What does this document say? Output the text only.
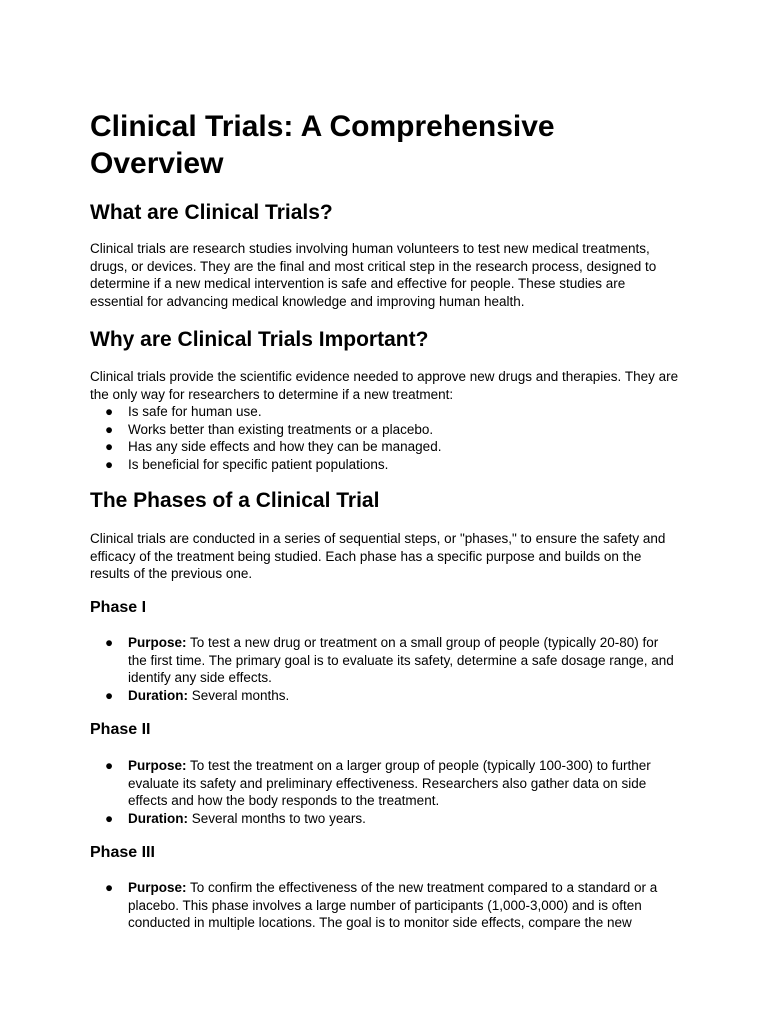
Clinical Trials: A Comprehensive Overview
What are Clinical Trials?

Clinical trials are research studies involving human volunteers to test new medical treatments, drugs, or devices. They are the final and most critical step in the research process, designed to determine if a new medical intervention is safe and effective for people. These studies are essential for advancing medical knowledge and improving human health.

Why are Clinical Trials Important?

Clinical trials provide the scientific evidence needed to approve new drugs and therapies. They are the only way for researchers to determine if a new treatment:

● Is safe for human use.
● Works better than existing treatments or a placebo.
● Has any side effects and how they can be managed.
● Is beneficial for specific patient populations.
The Phases of a Clinical Trial

Clinical trials are conducted in a series of sequential steps, or "phases," to ensure the safety and efficacy of the treatment being studied. Each phase has a specific purpose and builds on the results of the previous one.

Phase I
● Purpose: To test a new drug or treatment on a small group of people (typically 20-80) for the first time. The primary goal is to evaluate its safety, determine a safe dosage range, and identify any side effects.
● Duration: Several months.
Phase II
● Purpose: To test the treatment on a larger group of people (typically 100-300) to further evaluate its safety and preliminary effectiveness. Researchers also gather data on side effects and how the body responds to the treatment.
● Duration: Several months to two years.
Phase III
● Purpose: To confirm the effectiveness of the new treatment compared to a standard or a placebo. This phase involves a large number of participants (1,000-3,000) and is often conducted in multiple locations. The goal is to monitor side effects, compare the new
